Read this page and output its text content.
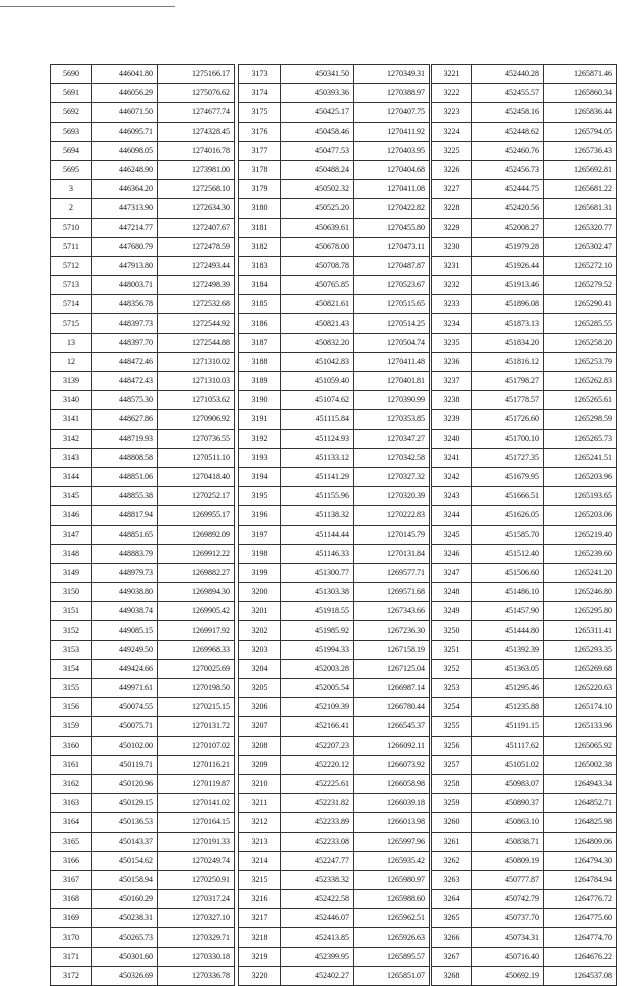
5690	446041.80	1275166.17
5691	446056.29	1275076.62
5692	446071.50	1274677.74
5693	446095.71	1274328.45
5694	446098.05	1274016.78
5695	446248.90	1273981.00
3	446364.20	1272568.10
2	447313.90	1272634.30
5710	447214.77	1272407.67
5711	447680.79	1272478.59
5712	447913.80	1272493.44
5713	448003.71	1272498.39
5714	448356.78	1272532.68
5715	448397.73	1272544.92
13	448397.70	1272544.88
12	448472.46	1271310.02
3139	448472.43	1271310.03
3140	448575.30	1271053.62
3141	448627.86	1270906.92
3142	448719.93	1270736.55
3143	448808.58	1270511.10
3144	448851.06	1270418.40
3145	448855.38	1270252.17
3146	448817.94	1269955.17
3147	448851.65	1269892.09
3148	448883.79	1269912.22
3149	448979.73	1269882.27
3150	449038.80	1269894.30
3151	449038.74	1269905.42
3152	449085.15	1269917.92
3153	449249.50	1269968.33
3154	449424.66	1270025.69
3155	449971.61	1270198.50
3156	450074.55	1270215.15
3159	450075.71	1270131.72
3160	450102.00	1270107.02
3161	450119.71	1270116.21
3162	450120.96	1270119.87
3163	450129.15	1270141.02
3164	450136.53	1270164.15
3165	450143.37	1270191.33
3166	450154.62	1270249.74
3167	450158.94	1270250.91
3168	450160.29	1270317.24
3169	450238.31	1270327.10
3170	450265.73	1270329.71
3171	450301.60	1270330.18
3172	450326.69	1270336.78
3173	450341.50	1270349.31
3174	450393.36	1270388.97
3175	450425.17	1270407.75
3176	450458.46	1270411.92
3177	450477.53	1270403.95
3178	450488.24	1270404.68
3179	450502.32	1270411.08
3180	450525.20	1270422.82
3181	450639.61	1270455.80
3182	450678.00	1270473.11
3183	450708.78	1270487.87
3184	450765.85	1270523.67
3185	450821.61	1270515.65
3186	450821.43	1270514.25
3187	450832.20	1270504.74
3188	451042.83	1270411.48
3189	451059.40	1270401.81
3190	451074.62	1270390.99
3191	451115.84	1270353.85
3192	451124.93	1270347.27
3193	451133.12	1270342.58
3194	451141.29	1270327.32
3195	451155.96	1270320.39
3196	451138.32	1270222.83
3197	451144.44	1270145.79
3198	451146.33	1270131.84
3199	451300.77	1269577.71
3200	451303.38	1269571.68
3201	451918.55	1267343.66
3202	451985.92	1267236.30
3203	451994.33	1267158.19
3204	452003.28	1267125.04
3205	452005.54	1266987.14
3206	452109.39	1266780.44
3207	452166.41	1266545.37
3208	452207.23	1266092.11
3209	452220.12	1266073.92
3210	452225.61	1266058.98
3211	452231.82	1266039.18
3212	452233.89	1266013.98
3213	452233.08	1265997.96
3214	452247.77	1265935.42
3215	452338.32	1265980.97
3216	452422.58	1265988.60
3217	452446.07	1265962.51
3218	452413.85	1265926.63
3219	452399.95	1265895.57
3220	452402.27	1265851.07
3221	452440.28	1265871.46
3222	452455.57	1265860.34
3223	452458.16	1265836.44
3224	452448.62	1265794.05
3225	452460.76	1265736.43
3226	452456.73	1265692.81
3227	452444.75	1265681.22
3228	452420.56	1265681.31
3229	452008.27	1265320.77
3230	451979.28	1265302.47
3231	451926.44	1265272.10
3232	451913.46	1265279.52
3233	451896.08	1265290.41
3234	451873.13	1265285.55
3235	451834.20	1265258.20
3236	451816.12	1265253.79
3237	451798.27	1265262.83
3238	451778.57	1265265.61
3239	451726.60	1265298.59
3240	451700.10	1265265.73
3241	451727.35	1265241.51
3242	451679.95	1265203.96
3243	451666.51	1265193.65
3244	451626.05	1265203.06
3245	451585.70	1265219.40
3246	451512.40	1265239.60
3247	451506.60	1265241.20
3248	451486.10	1265246.80
3249	451457.90	1265295.80
3250	451444.80	1265311.41
3251	451392.39	1265293.35
3252	451363.05	1265269.68
3253	451295.46	1265220.63
3254	451235.88	1265174.10
3255	451191.15	1265133.96
3256	451117.62	1265065.92
3257	451051.02	1265002.38
3258	450983.07	1264943.34
3259	450890.37	1264852.71
3260	450863.10	1264825.98
3261	450838.71	1264809.06
3262	450809.19	1264794.30
3263	450777.87	1264784.94
3264	450742.79	1264776.72
3265	450737.70	1264775.60
3266	450734.31	1264774.70
3267	450716.40	1264676.22
3268	450692.19	1264537.08
